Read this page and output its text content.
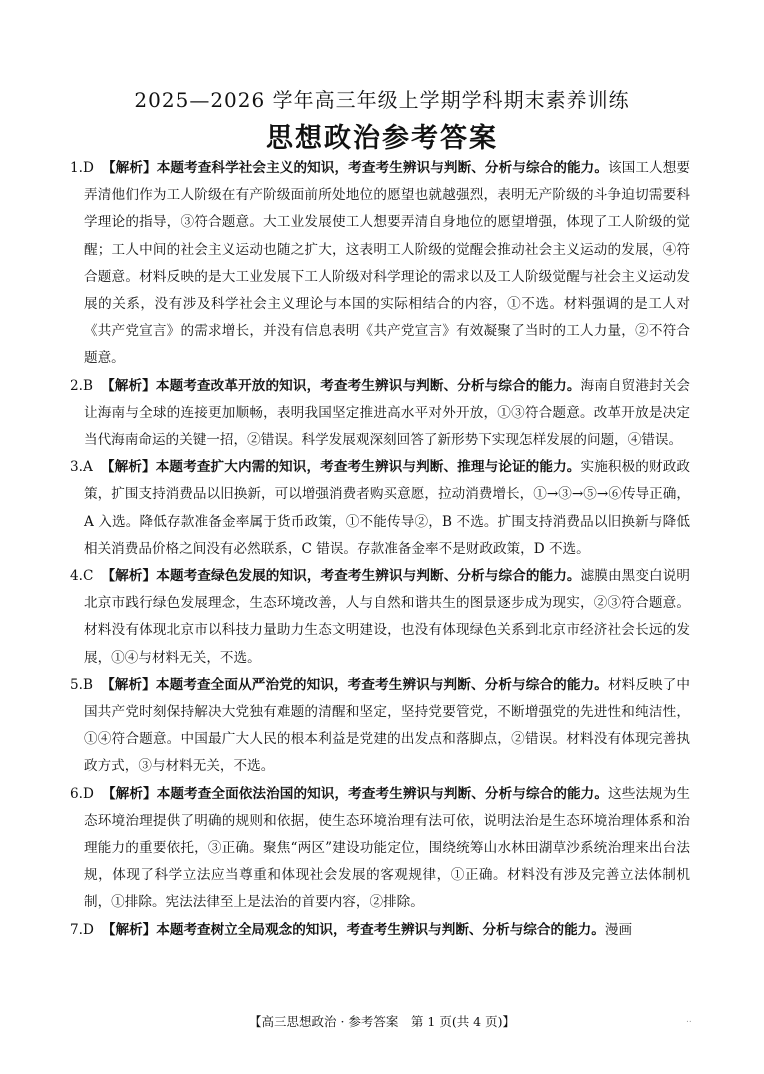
2025—2026 学年高三年级上学期学科期末素养训练
思想政治参考答案

1.D 【解析】本题考查科学社会主义的知识，考查考生辨识与判断、分析与综合的能力。该国工人想要弄清他们作为工人阶级在有产阶级面前所处地位的愿望也就越强烈，表明无产阶级的斗争迫切需要科学理论的指导，③符合题意。大工业发展使工人想要弄清自身地位的愿望增强，体现了工人阶级的觉醒；工人中间的社会主义运动也随之扩大，这表明工人阶级的觉醒会推动社会主义运动的发展，④符合题意。材料反映的是大工业发展下工人阶级对科学理论的需求以及工人阶级觉醒与社会主义运动发展的关系，没有涉及科学社会主义理论与本国的实际相结合的内容，①不选。材料强调的是工人对《共产党宣言》的需求增长，并没有信息表明《共产党宣言》有效凝聚了当时的工人力量，②不符合题意。

2.B 【解析】本题考查改革开放的知识，考查考生辨识与判断、分析与综合的能力。海南自贸港封关会让海南与全球的连接更加顺畅，表明我国坚定推进高水平对外开放，①③符合题意。改革开放是决定当代海南命运的关键一招，②错误。科学发展观深刻回答了新形势下实现怎样发展的问题，④错误。

3.A 【解析】本题考查扩大内需的知识，考查考生辨识与判断、推理与论证的能力。实施积极的财政政策，扩围支持消费品以旧换新，可以增强消费者购买意愿，拉动消费增长，①→③→⑤→⑥传导正确，A 入选。降低存款准备金率属于货币政策，①不能传导②，B 不选。扩围支持消费品以旧换新与降低相关消费品价格之间没有必然联系，C 错误。存款准备金率不是财政政策，D 不选。

4.C 【解析】本题考查绿色发展的知识，考查考生辨识与判断、分析与综合的能力。滤膜由黑变白说明北京市践行绿色发展理念，生态环境改善，人与自然和谐共生的图景逐步成为现实，②③符合题意。材料没有体现北京市以科技力量助力生态文明建设，也没有体现绿色关系到北京市经济社会长远的发展，①④与材料无关，不选。

5.B 【解析】本题考查全面从严治党的知识，考查考生辨识与判断、分析与综合的能力。材料反映了中国共产党时刻保持解决大党独有难题的清醒和坚定，坚持党要管党，不断增强党的先进性和纯洁性，①④符合题意。中国最广大人民的根本利益是党建的出发点和落脚点，②错误。材料没有体现完善执政方式，③与材料无关，不选。

6.D 【解析】本题考查全面依法治国的知识，考查考生辨识与判断、分析与综合的能力。这些法规为生态环境治理提供了明确的规则和依据，使生态环境治理有法可依，说明法治是生态环境治理体系和治理能力的重要依托，③正确。聚焦“两区”建设功能定位，围绕统筹山水林田湖草沙系统治理来出台法规，体现了科学立法应当尊重和体现社会发展的客观规律，①正确。材料没有涉及完善立法体制机制，①排除。宪法法律至上是法治的首要内容，②排除。

7.D 【解析】本题考查树立全局观念的知识，考查考生辨识与判断、分析与综合的能力。漫画

【高三思想政治 · 参考答案　第 1 页(共 4 页)】	..
